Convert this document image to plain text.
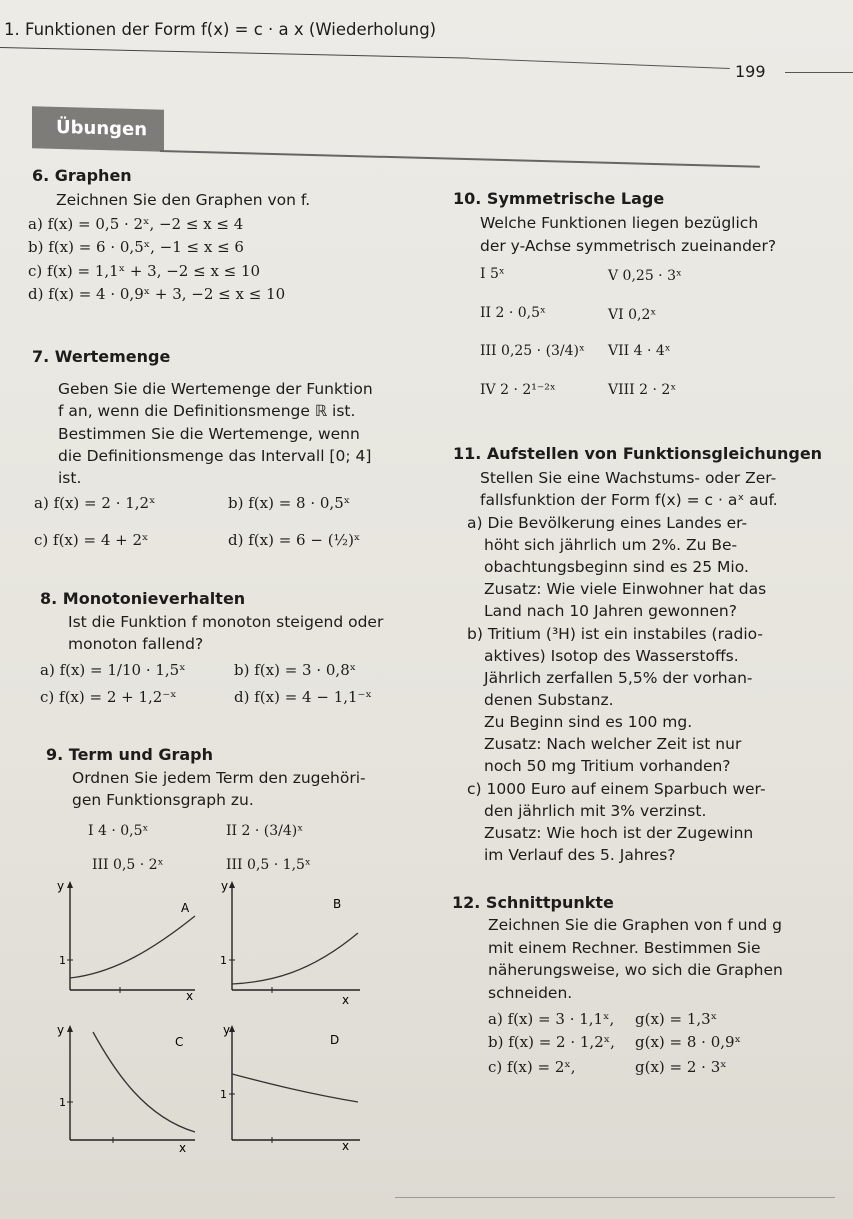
1. Funktionen der Form f(x) = c · a x (Wiederholung)
199
Übungen
6. Graphen
Zeichnen Sie den Graphen von f.
a) f(x) = 0,5 · 2ˣ, −2 ≤ x ≤ 4
b) f(x) = 6 · 0,5ˣ, −1 ≤ x ≤ 6
c) f(x) = 1,1ˣ + 3, −2 ≤ x ≤ 10
d) f(x) = 4 · 0,9ˣ + 3, −2 ≤ x ≤ 10
7. Wertemenge
Geben Sie die Wertemenge der Funktion
f an, wenn die Definitionsmenge ℝ ist.
Bestimmen Sie die Wertemenge, wenn
die Definitionsmenge das Intervall [0; 4]
ist.
a) f(x) = 2 · 1,2ˣ	b) f(x) = 8 · 0,5ˣ
c) f(x) = 4 + 2ˣ	d) f(x) = 6 − (½)ˣ
8. Monotonieverhalten
Ist die Funktion f monoton steigend oder
monoton fallend?
a) f(x) = 1/10 · 1,5ˣ	b) f(x) = 3 · 0,8ˣ
c) f(x) = 2 + 1,2⁻ˣ	d) f(x) = 4 − 1,1⁻ˣ
9. Term und Graph
Ordnen Sie jedem Term den zugehöri-
gen Funktionsgraph zu.
I 4 · 0,5ˣ	II 2 · (3/4)ˣ
III 0,5 · 2ˣ	III 0,5 · 1,5ˣ
y
A
1
x
y
B
1
x
y
C
1
x
y
D
1
x
10. Symmetrische Lage
Welche Funktionen liegen bezüglich
der y-Achse symmetrisch zueinander?
I 5ˣ	V 0,25 · 3ˣ
II 2 · 0,5ˣ	VI 0,2ˣ
III 0,25 · (3/4)ˣ VII 4 · 4ˣ
IV 2 · 2¹⁻²ˣ	VIII 2 · 2ˣ
11. Aufstellen von Funktionsgleichungen
Stellen Sie eine Wachstums- oder Zer-
fallsfunktion der Form f(x) = c · aˣ auf.
a) Die Bevölkerung eines Landes er-
höht sich jährlich um 2%. Zu Be-
obachtungsbeginn sind es 25 Mio.
Zusatz: Wie viele Einwohner hat das
Land nach 10 Jahren gewonnen?
b) Tritium (³H) ist ein instabiles (radio-
aktives) Isotop des Wasserstoffs.
Jährlich zerfallen 5,5% der vorhan-
denen Substanz.
Zu Beginn sind es 100 mg.
Zusatz: Nach welcher Zeit ist nur
noch 50 mg Tritium vorhanden?
c) 1000 Euro auf einem Sparbuch wer-
den jährlich mit 3% verzinst.
Zusatz: Wie hoch ist der Zugewinn
im Verlauf des 5. Jahres?
12. Schnittpunkte
Zeichnen Sie die Graphen von f und g
mit einem Rechner. Bestimmen Sie
näherungsweise, wo sich die Graphen
schneiden.
a) f(x) = 3 · 1,1ˣ, g(x) = 1,3ˣ
b) f(x) = 2 · 1,2ˣ, g(x) = 8 · 0,9ˣ
c) f(x) = 2ˣ,	g(x) = 2 · 3ˣ
